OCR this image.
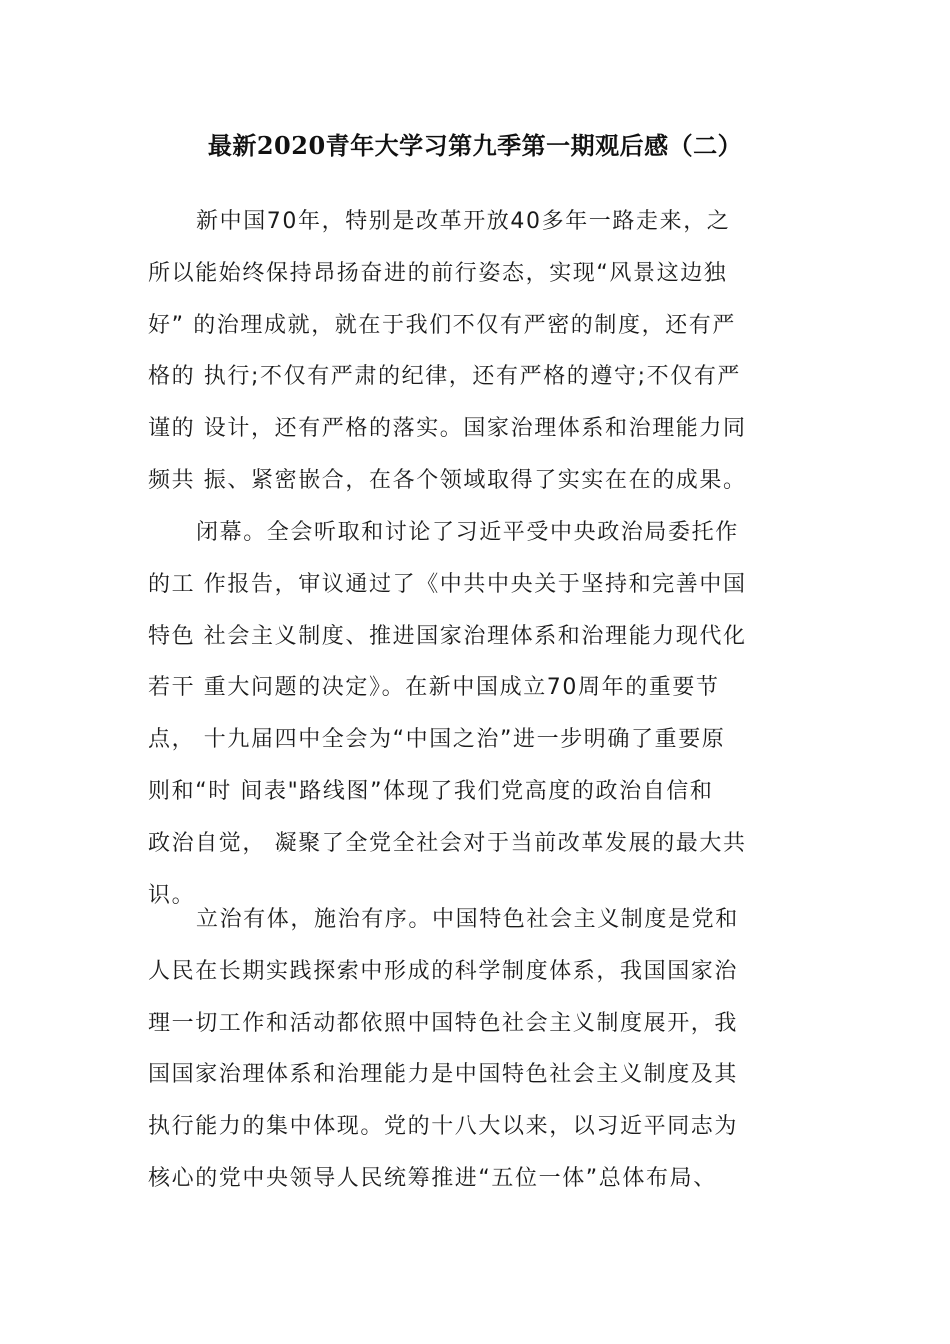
最新2020青年大学习第九季第一期观后感（二）
新中国70年，特别是改革开放40多年一路走来，之
所以能始终保持昂扬奋进的前行姿态，实现“风景这边独
好” 的治理成就，就在于我们不仅有严密的制度，还有严
格的 执行;不仅有严肃的纪律，还有严格的遵守;不仅有严
谨的 设计，还有严格的落实。国家治理体系和治理能力同
频共 振、紧密嵌合，在各个领域取得了实实在在的成果。
闭幕。全会听取和讨论了习近平受中央政治局委托作
的工 作报告，审议通过了《中共中央关于坚持和完善中国
特色 社会主义制度、推进国家治理体系和治理能力现代化
若干 重大问题的决定》。在新中国成立70周年的重要节
点， 十九届四中全会为“中国之治”进一步明确了重要原
则和“时 间表"路线图”体现了我们党高度的政治自信和
政治自觉， 凝聚了全党全社会对于当前改革发展的最大共
识。
立治有体，施治有序。中国特色社会主义制度是党和
人民在长期实践探索中形成的科学制度体系，我国国家治
理一切工作和活动都依照中国特色社会主义制度展开，我
国国家治理体系和治理能力是中国特色社会主义制度及其
执行能力的集中体现。党的十八大以来，以习近平同志为
核心的党中央领导人民统筹推进“五位一体”总体布局、
